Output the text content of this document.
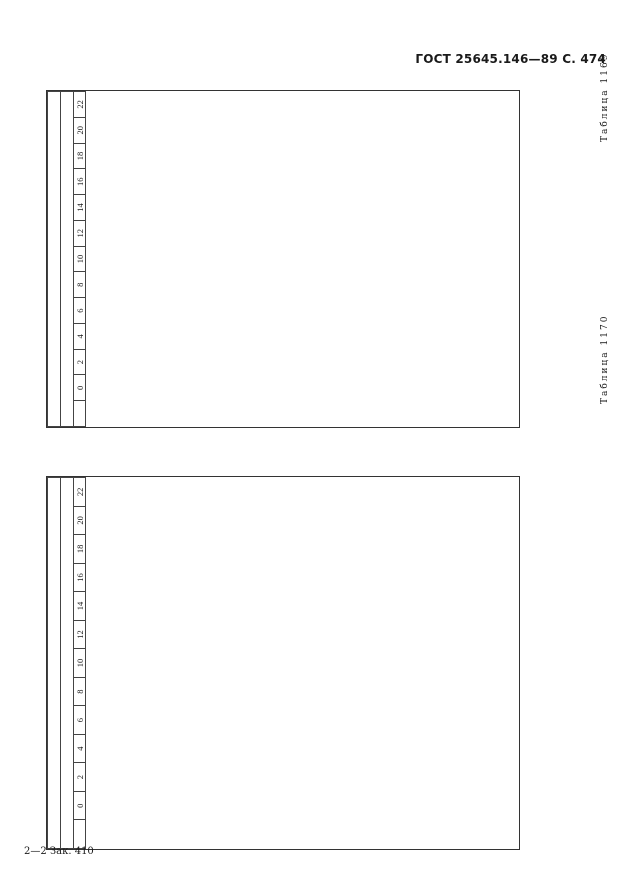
ГОСТ 25645.146—89 С. 474
Таблица 1169

	0	2	4	6	8	10	12	14	16	18	20	22
Таблица 1170

	0	2	4	6	8	10	12	14	16	18	20	22
2—2 Зак. 410
